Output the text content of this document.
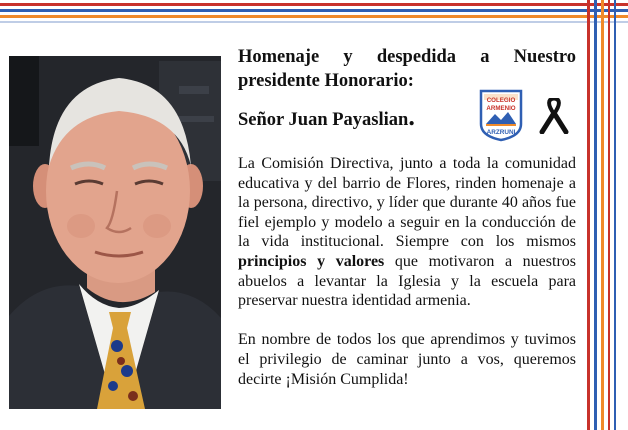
Homenaje y despedida a Nuestro
presidente Honorario:
Señor Juan Payaslian.
COLEGIO
ARMENIO
ARZRUNI

La Comisión Directiva, junto a toda la comunidad educativa y del barrio de Flores, rinden homenaje a la persona, directivo, y líder que durante 40 años fue fiel ejemplo y modelo a seguir en la conducción de la vida institucional. Siempre con los mismos principios y valores que motivaron a nuestros abuelos a levantar la Iglesia y la escuela para preservar nuestra identidad armenia.

En nombre de todos los que aprendimos y tuvimos el privilegio de caminar junto a vos, queremos decirte ¡Misión Cumplida!
